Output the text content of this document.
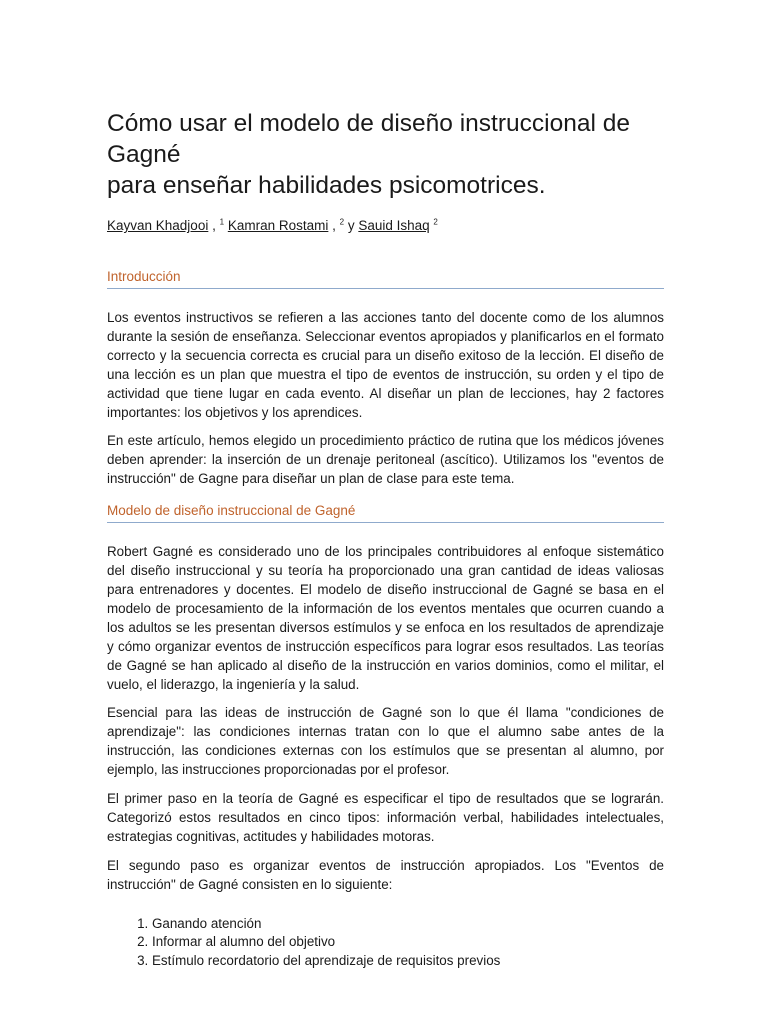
Cómo usar el modelo de diseño instruccional de Gagné
para enseñar habilidades psicomotrices.
Kayvan Khadjooi , $^1$ Kamran Rostami , $^2$ y Sauid Ishaq $^2$
Introducción

Los eventos instructivos se refieren a las acciones tanto del docente como de los alumnos durante la sesión de enseñanza. Seleccionar eventos apropiados y planificarlos en el formato correcto y la secuencia correcta es crucial para un diseño exitoso de la lección. El diseño de una lección es un plan que muestra el tipo de eventos de instrucción, su orden y el tipo de actividad que tiene lugar en cada evento. Al diseñar un plan de lecciones, hay 2 factores importantes: los objetivos y los aprendices.

En este artículo, hemos elegido un procedimiento práctico de rutina que los médicos jóvenes deben aprender: la inserción de un drenaje peritoneal (ascítico). Utilizamos los "eventos de instrucción" de Gagne para diseñar un plan de clase para este tema.

Modelo de diseño instruccional de Gagné

Robert Gagné es considerado uno de los principales contribuidores al enfoque sistemático del diseño instruccional y su teoría ha proporcionado una gran cantidad de ideas valiosas para entrenadores y docentes. El modelo de diseño instruccional de Gagné se basa en el modelo de procesamiento de la información de los eventos mentales que ocurren cuando a los adultos se les presentan diversos estímulos y se enfoca en los resultados de aprendizaje y cómo organizar eventos de instrucción específicos para lograr esos resultados. Las teorías de Gagné se han aplicado al diseño de la instrucción en varios dominios, como el militar, el vuelo, el liderazgo, la ingeniería y la salud.

Esencial para las ideas de instrucción de Gagné son lo que él llama "condiciones de aprendizaje": las condiciones internas tratan con lo que el alumno sabe antes de la instrucción, las condiciones externas con los estímulos que se presentan al alumno, por ejemplo, las instrucciones proporcionadas por el profesor.

El primer paso en la teoría de Gagné es especificar el tipo de resultados que se lograrán. Categorizó estos resultados en cinco tipos: información verbal, habilidades intelectuales, estrategias cognitivas, actitudes y habilidades motoras.

El segundo paso es organizar eventos de instrucción apropiados. Los "Eventos de instrucción" de Gagné consisten en lo siguiente:

1. Ganando atención
2. Informar al alumno del objetivo
3. Estímulo recordatorio del aprendizaje de requisitos previos
